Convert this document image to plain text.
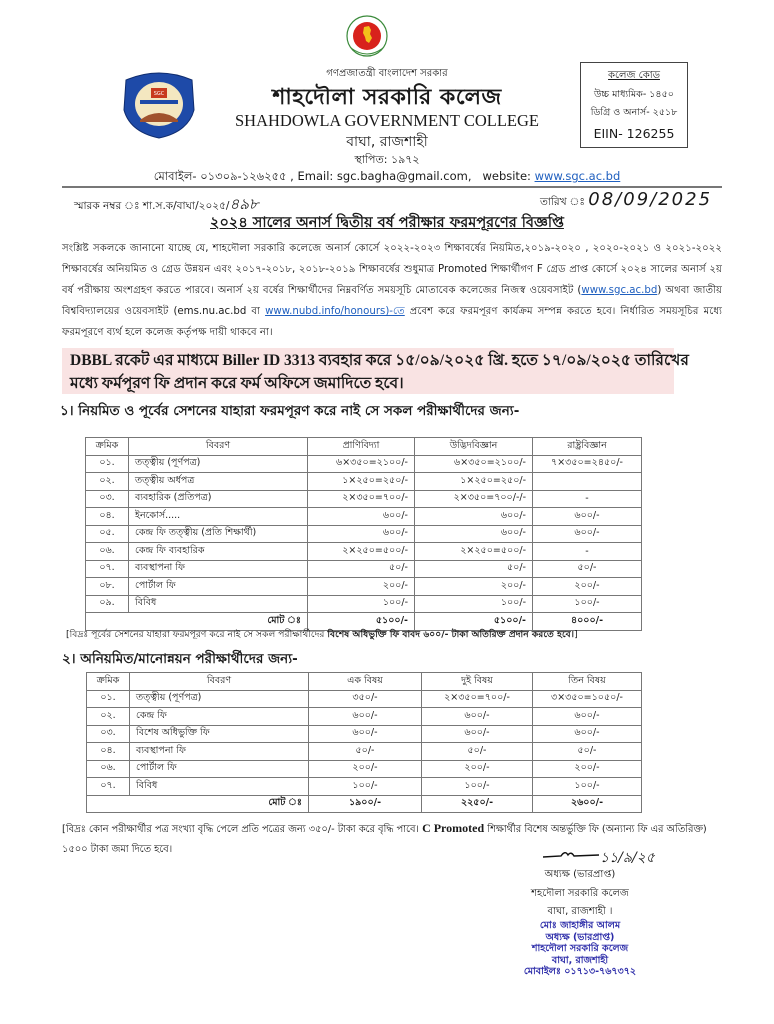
SGC
গণপ্রজাতন্ত্রী বাংলাদেশ সরকার
শাহদৌলা সরকারি কলেজ
SHAHDOWLA GOVERNMENT COLLEGE
বাঘা, রাজশাহী
স্থাপিত: ১৯৭২
মোবাইল- ০১৩০৯-১২৬২৫৫ , Email: sgc.bagha@gmail.com, website: www.sgc.ac.bd
কলেজ কোড
উচ্চ মাধ্যমিক- ১৪৫০
ডিগ্রি ও অনার্স- ২৫১৮
EIIN- 126255
স্মারক নম্বর ঃ শা.স.ক/বাঘা/২০২৫/৪৯৮	তারিখ ঃ 08/09/2025
২০২৪ সালের অনার্স দ্বিতীয় বর্ষ পরীক্ষার ফরমপূরণের বিজ্ঞপ্তি
সংশ্লিষ্ট সকলকে জানানো যাচ্ছে যে, শাহদৌলা সরকারি কলেজে অনার্স কোর্সে ২০২২-২০২৩ শিক্ষাবর্ষের নিয়মিত,২০১৯-২০২০ , ২০২০-২০২১ ও ২০২১-২০২২ শিক্ষাবর্ষের অনিয়মিত ও গ্রেড উন্নয়ন এবং ২০১৭-২০১৮, ২০১৮-২০১৯ শিক্ষাবর্ষের শুধুমাত্র Promoted শিক্ষার্থীগণ F গ্রেড প্রাপ্ত কোর্সে ২০২৪ সালের অনার্স ২য় বর্ষ পরীক্ষায় অংশগ্রহণ করতে পারবে। অনার্স ২য় বর্ষের শিক্ষার্থীদের নিম্নবর্ণিত সময়সূচি মোতাবেক কলেজের নিজস্ব ওয়েবসাইট (www.sgc.ac.bd) অথবা জাতীয় বিশ্ববিদ্যালয়ের ওয়েবসাইট (ems.nu.ac.bd বা www.nubd.info/honours)-তে প্রবেশ করে ফরমপূরণ কার্যক্রম সম্পন্ন করতে হবে। নির্ধারিত সময়সূচির মধ্যে ফরমপূরণে ব্যর্থ হলে কলেজ কর্তৃপক্ষ দায়ী থাকবে না।
DBBL রকেট এর মাধ্যমে Biller ID 3313 ব্যবহার করে ১৫/০৯/২০২৫ খ্রি. হতে ১৭/০৯/২০২৫ তারিখের মধ্যে ফর্মপূরণ ফি প্রদান করে ফর্ম অফিসে জমাদিতে হবে।
১। নিয়মিত ও পূর্বের সেশনের যাহারা ফরমপূরণ করে নাই সে সকল পরীক্ষার্থীদের জন্য-
ক্রমিক	বিবরণ	প্রাণিবিদ্যা	উদ্ভিদবিজ্ঞান	রাষ্ট্রবিজ্ঞান
০১.	তত্ত্বীয় (পূর্ণপত্র)	৬×৩৫০=২১০০/-	৬×৩৫০=২১০০/-	৭×৩৫০=২৪৫০/-
০২.	তত্ত্বীয় অর্ধপত্র	১×২৫০=২৫০/-	১×২৫০=২৫০/-	
০৩.	ব্যবহারিক (প্রতিপত্র)	২×৩৫০=৭০০/-	২×৩৫০=৭০০/-/-	-
০৪.	ইনকোর্স.....	৬০০/-	৬০০/-	৬০০/-
০৫.	কেন্দ্র ফি তত্ত্বীয় (প্রতি শিক্ষার্থী)	৬০০/-	৬০০/-	৬০০/-
০৬.	কেন্দ্র ফি ব্যবহারিক	২×২৫০=৫০০/-	২×২৫০=৫০০/-	-
০৭.	ব্যবস্থাপনা ফি	৫০/-	৫০/-	৫০/-
০৮.	পোর্টাল ফি	২০০/-	২০০/-	২০০/-
০৯.	বিবিধ	১০০/-	১০০/-	১০০/-
মোট ঃ		৫১০০/-	৫১০০/-	৪০০০/-
[বিদ্রঃ পূর্বের সেশনের যাহারা ফরমপূরণ করে নাই সে সকল পরীক্ষার্থীদের বিশেষ অধিভুক্তি ফি বাবদ ৬০০/- টাকা অতিরিক্ত প্রদান করতে হবে।]
২। অনিয়মিত/মানোন্নয়ন পরীক্ষার্থীদের জন্য-
ক্রমিক	বিবরণ	এক বিষয়	দুই বিষয়	তিন বিষয়
০১.	তত্ত্বীয় (পূর্ণপত্র)	৩৫০/-	২×৩৫০=৭০০/-	৩×৩৫০=১০৫০/-
০২.	কেন্দ্র ফি	৬০০/-	৬০০/-	৬০০/-
০৩.	বিশেষ অধিভুক্তি ফি	৬০০/-	৬০০/-	৬০০/-
০৪.	ব্যবস্থাপনা ফি	৫০/-	৫০/-	৫০/-
০৬.	পোর্টাল ফি	২০০/-	২০০/-	২০০/-
০৭.	বিবিধ	১০০/-	১০০/-	১০০/-
মোট ঃ		১৯০০/-	২২৫০/-	২৬০০/-
[বিদ্রঃ কোন পরীক্ষার্থীর পত্র সংখ্যা বৃদ্ধি পেলে প্রতি পত্রের জন্য ৩৫০/- টাকা করে বৃদ্ধি পাবে। C Promoted শিক্ষার্থীর বিশেষ অন্তর্ভুক্তি ফি (অন্যান্য ফি এর অতিরিক্ত) ১৫০০ টাকা জমা দিতে হবে।
১১/৯/২৫
অধ্যক্ষ (ভারপ্রাপ্ত)
শহদৌলা সরকারি কলেজ
বাঘা, রাজশাহী ।
মোঃ জাহাঙ্গীর আলম
অধ্যক্ষ (ভারপ্রাপ্ত)
শাহদৌলা সরকারি কলেজ
বাঘা, রাজশাহী
মোবাইলঃ ০১৭১৩-৭৬৭৩৭২
